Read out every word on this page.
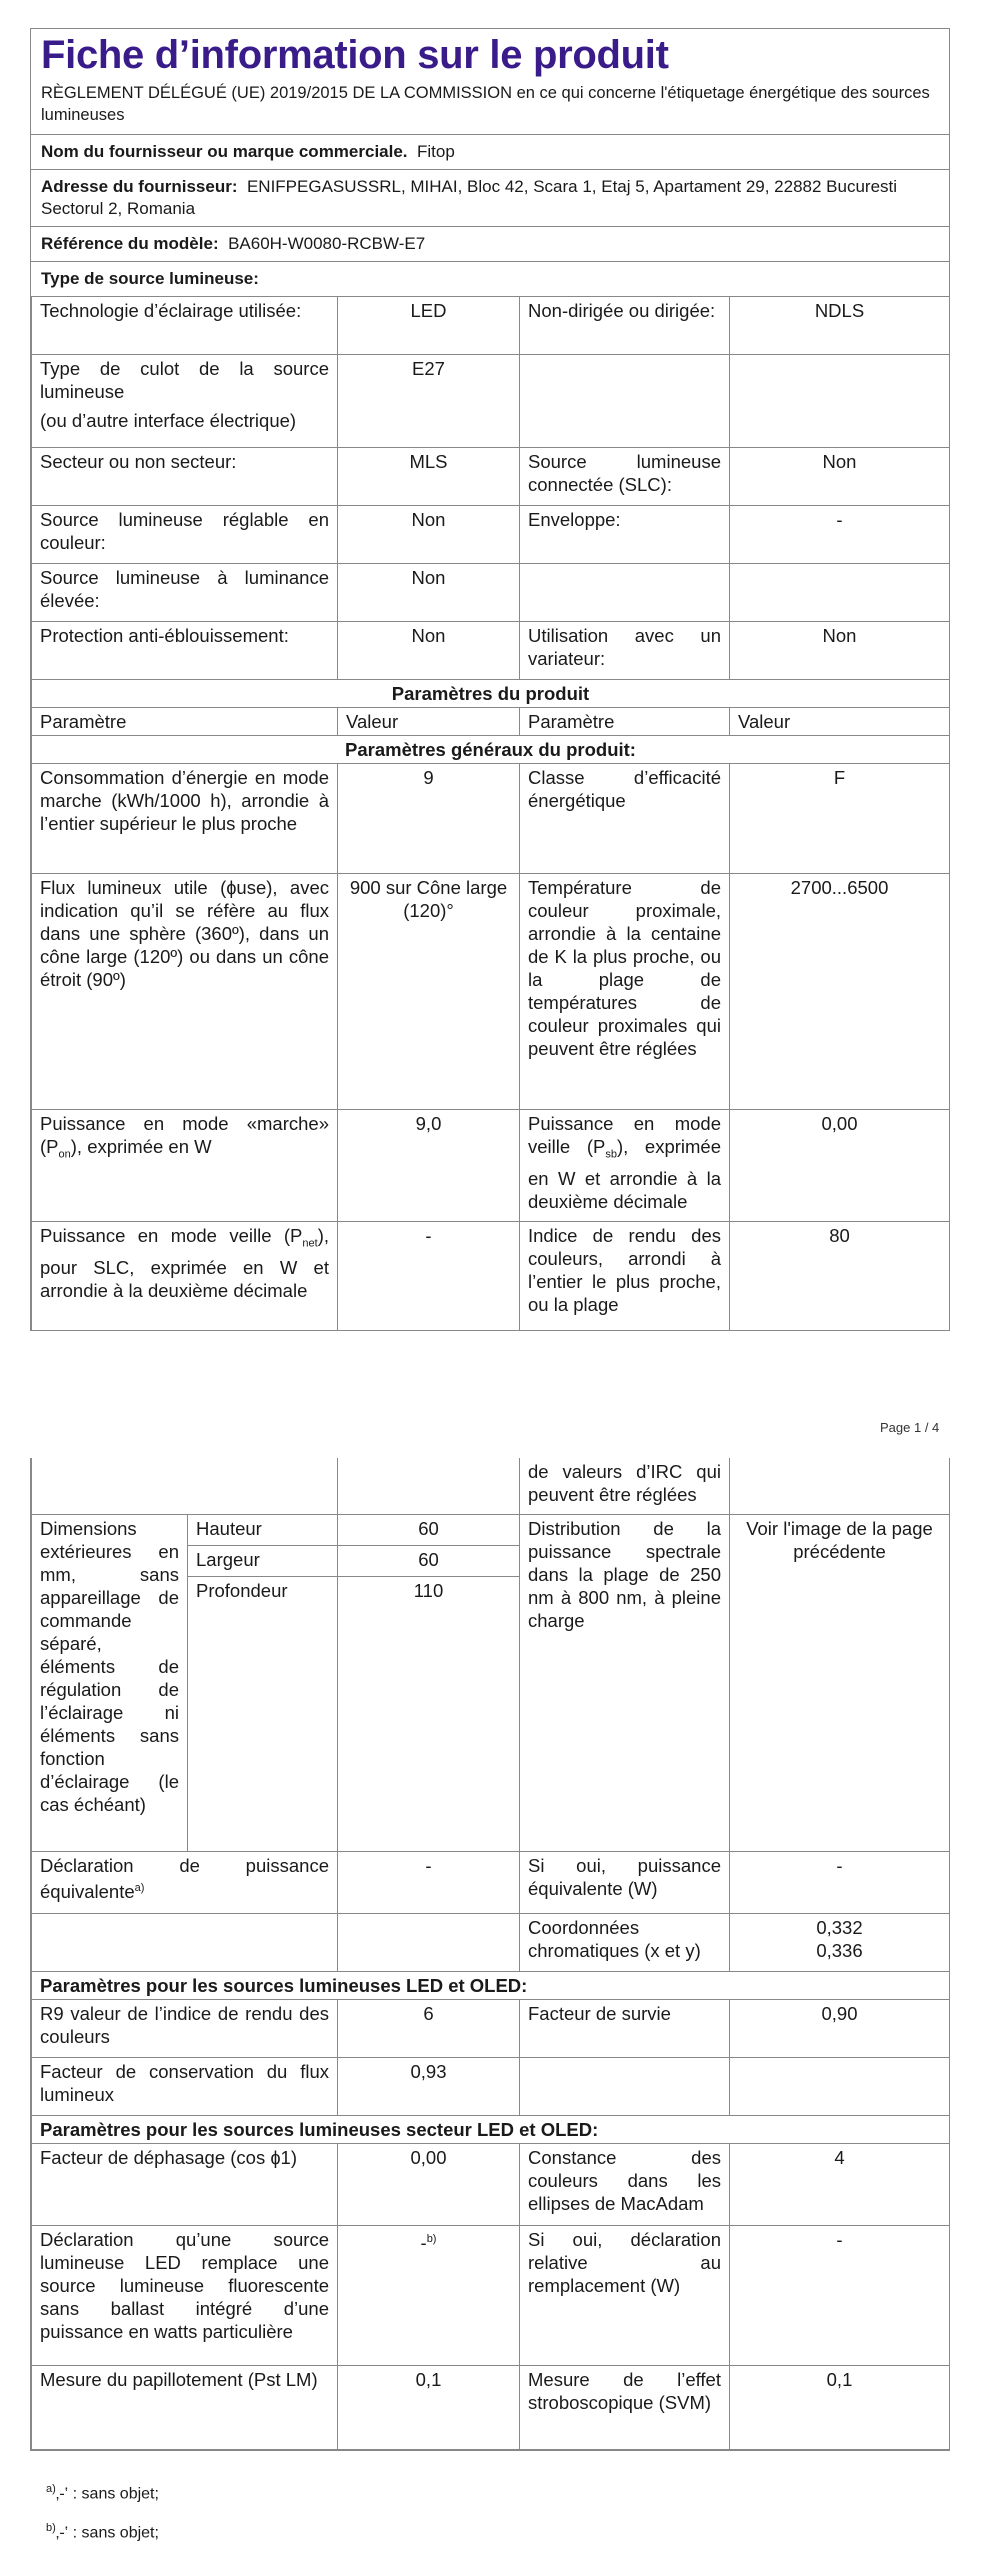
Fiche d’information sur le produit
RÈGLEMENT DÉLÉGUÉ (UE) 2019/2015 DE LA COMMISSION en ce qui concerne l'étiquetage énergétique des sources lumineuses
Nom du fournisseur ou marque commerciale. Fitop
Adresse du fournisseur: ENIFPEGASUSSRL, MIHAI, Bloc 42, Scara 1, Etaj 5, Apartament 29, 22882 Bucuresti Sectorul 2, Romania
Référence du modèle: BA60H-W0080-RCBW-E7
Type de source lumineuse:
Technologie d’éclairage utilisée:	LED	Non-dirigée ou dirigée:	NDLS

Type de culot de la source lumineuse
(ou d’autre interface électrique)	E27		
Secteur ou non secteur:	MLS	Source lumineuse connectée (SLC):	Non
Source lumineuse réglable en couleur:	Non	Enveloppe:	-
Source lumineuse à luminance élevée:	Non		
Protection anti-éblouissement:	Non	Utilisation avec un variateur:	Non
Paramètres du produit			
Paramètre	Valeur	Paramètre	Valeur
Paramètres généraux du produit:			
Consommation d’énergie en mode marche (kWh/1000 h), arrondie à l’entier supérieur le plus proche	9	Classe d’efficacité énergétique	F
Flux lumineux utile (ɸuse), avec indication qu’il se réfère au flux dans une sphère (360º), dans un cône large (120º) ou dans un cône étroit (90º)	900 sur Cône large (120)°	Température de couleur proximale, arrondie à la centaine de K la plus proche, ou la plage de températures de couleur proximales qui peuvent être réglées	2700...6500
Puissance en mode «marche» $(P_{on})$, exprimée en W	9,0	Puissance en mode veille $(P_{sb})$, exprimée en W et arrondie à la deuxième décimale	0,00
Puissance en mode veille $(P_{net})$, pour SLC, exprimée en W et arrondie à la deuxième décimale	-	Indice de rendu des couleurs, arrondi à l’entier le plus proche, ou la plage	80
Page 1 / 4
			de valeurs d’IRC qui peuvent être réglées	
Dimensions extérieures en mm, sans appareillage de commande séparé, éléments de régulation de l’éclairage ni éléments sans fonction d’éclairage (le cas échéant)	Hauteur	60	Distribution de la puissance spectrale dans la plage de 250 nm à 800 nm, à pleine charge	Voir l'image de la page précédente
	Largeur	60		
	Profondeur	110		
Déclaration de puissance équivalente$^{a)}$		-	Si oui, puissance équivalente (W)	-
			Coordonnées chromatiques (x et y)	0,332
0,336

Paramètres pour les sources lumineuses LED et OLED:				
R9 valeur de l’indice de rendu des couleurs		6	Facteur de survie	0,90
Facteur de conservation du flux lumineux		0,93		
Paramètres pour les sources lumineuses secteur LED et OLED:				
Facteur de déphasage (cos ɸ1)		0,00	Constance des couleurs dans les ellipses de MacAdam	4
Déclaration qu’une source lumineuse LED remplace une source lumineuse fluorescente sans ballast intégré d’une puissance en watts particulière		-$^{b)}$	Si oui, déclaration relative au remplacement (W)	-
Mesure du papillotement (Pst LM)		0,1	Mesure de l’effet stroboscopique (SVM)	0,1
$^{a)}$‚-‛ : sans objet;
$^{b)}$‚-‛ : sans objet;
